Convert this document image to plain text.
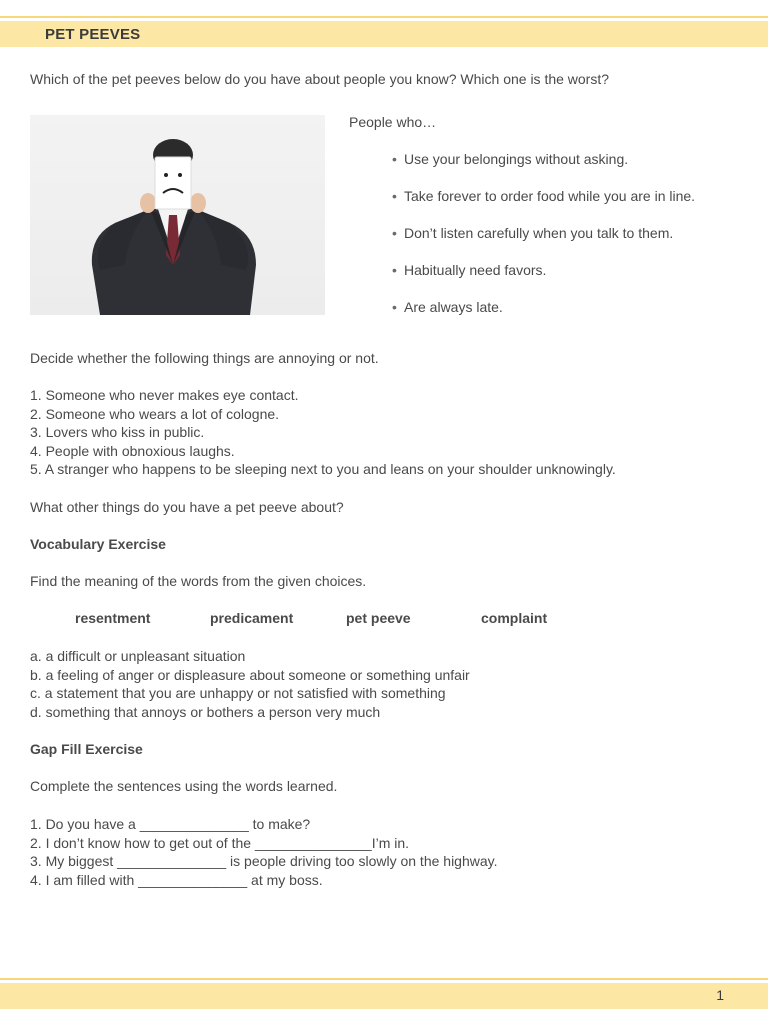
PET PEEVES
Which of the pet peeves below do you have about people you know? Which one is the worst?
People who…
• Use your belongings without asking.
• Take forever to order food while you are in line.
• Don’t listen carefully when you talk to them.
• Habitually need favors.
• Are always late.
Decide whether the following things are annoying or not.
1. Someone who never makes eye contact.
2. Someone who wears a lot of cologne.
3. Lovers who kiss in public.
4. People with obnoxious laughs.
5. A stranger who happens to be sleeping next to you and leans on your shoulder unknowingly.
What other things do you have a pet peeve about?
Vocabulary Exercise
Find the meaning of the words from the given choices.
resentment	predicament	pet peeve	complaint
a. a difficult or unpleasant situation
b. a feeling of anger or displeasure about someone or something unfair
c. a statement that you are unhappy or not satisfied with something
d. something that annoys or bothers a person very much
Gap Fill Exercise
Complete the sentences using the words learned.
1. Do you have a ______________ to make?
2. I don’t know how to get out of the _______________I’m in.
3. My biggest ______________ is people driving too slowly on the highway.
4. I am filled with ______________ at my boss.
1
